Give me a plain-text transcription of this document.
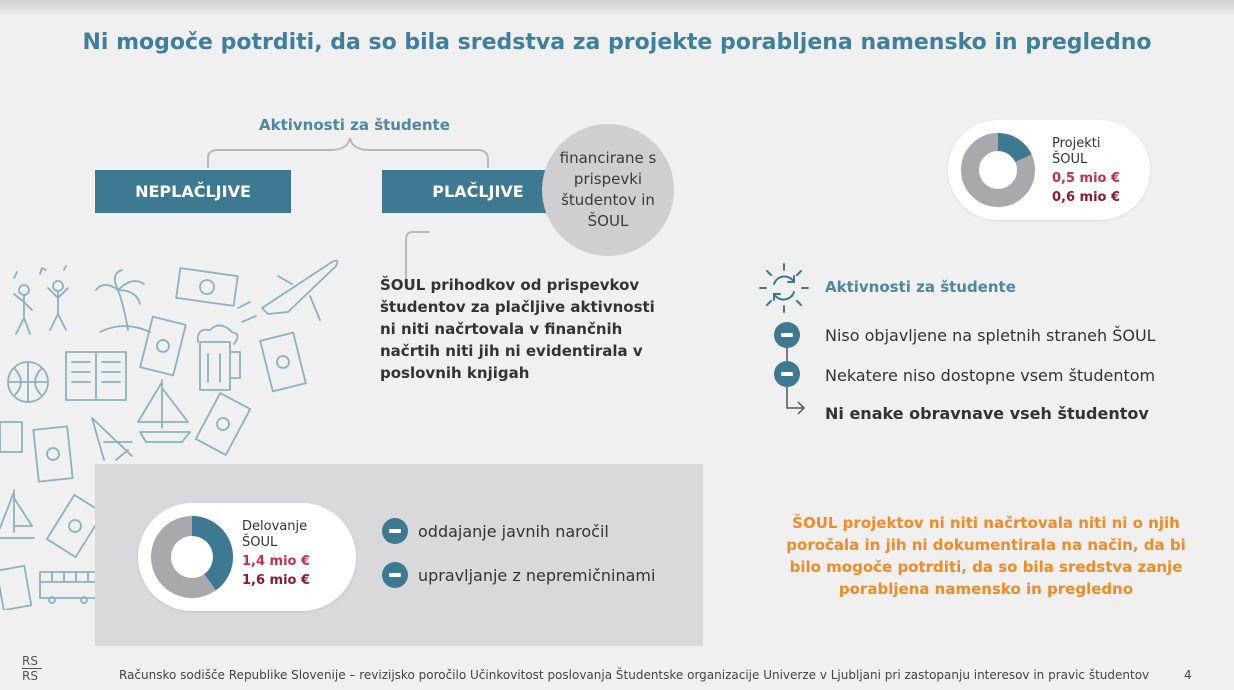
Ni mogoče potrditi, da so bila sredstva za projekte porabljena namensko in pregledno
Aktivnosti za študente
NEPLAČLJIVE	PLAČLJIVE
financirane s prispevki študentov in ŠOUL
ŠOUL prihodkov od prispevkov študentov za plačljive aktivnosti ni niti načrtovala v finančnih načrtih niti jih ni evidentirala v poslovnih knjigah
Projekti
ŠOUL
0,5 mio €
0,6 mio €
Delovanje
ŠOUL
1,4 mio €
1,6 mio €
oddajanje javnih naročil
upravljanje z nepremičninami
Aktivnosti za študente
Niso objavljene na spletnih straneh ŠOUL
Nekatere niso dostopne vsem študentom
Ni enake obravnave vseh študentov
ŠOUL projektov ni niti načrtovala niti ni o njih poročala in jih ni dokumentirala na način, da bi bilo mogoče potrditi, da so bila sredstva zanje porabljena namensko in pregledno
RS
RS	Računsko sodišče Republike Slovenije – revizijsko poročilo Učinkovitost poslovanja Študentske organizacije Univerze v Ljubljani pri zastopanju interesov in pravic študentov	4
